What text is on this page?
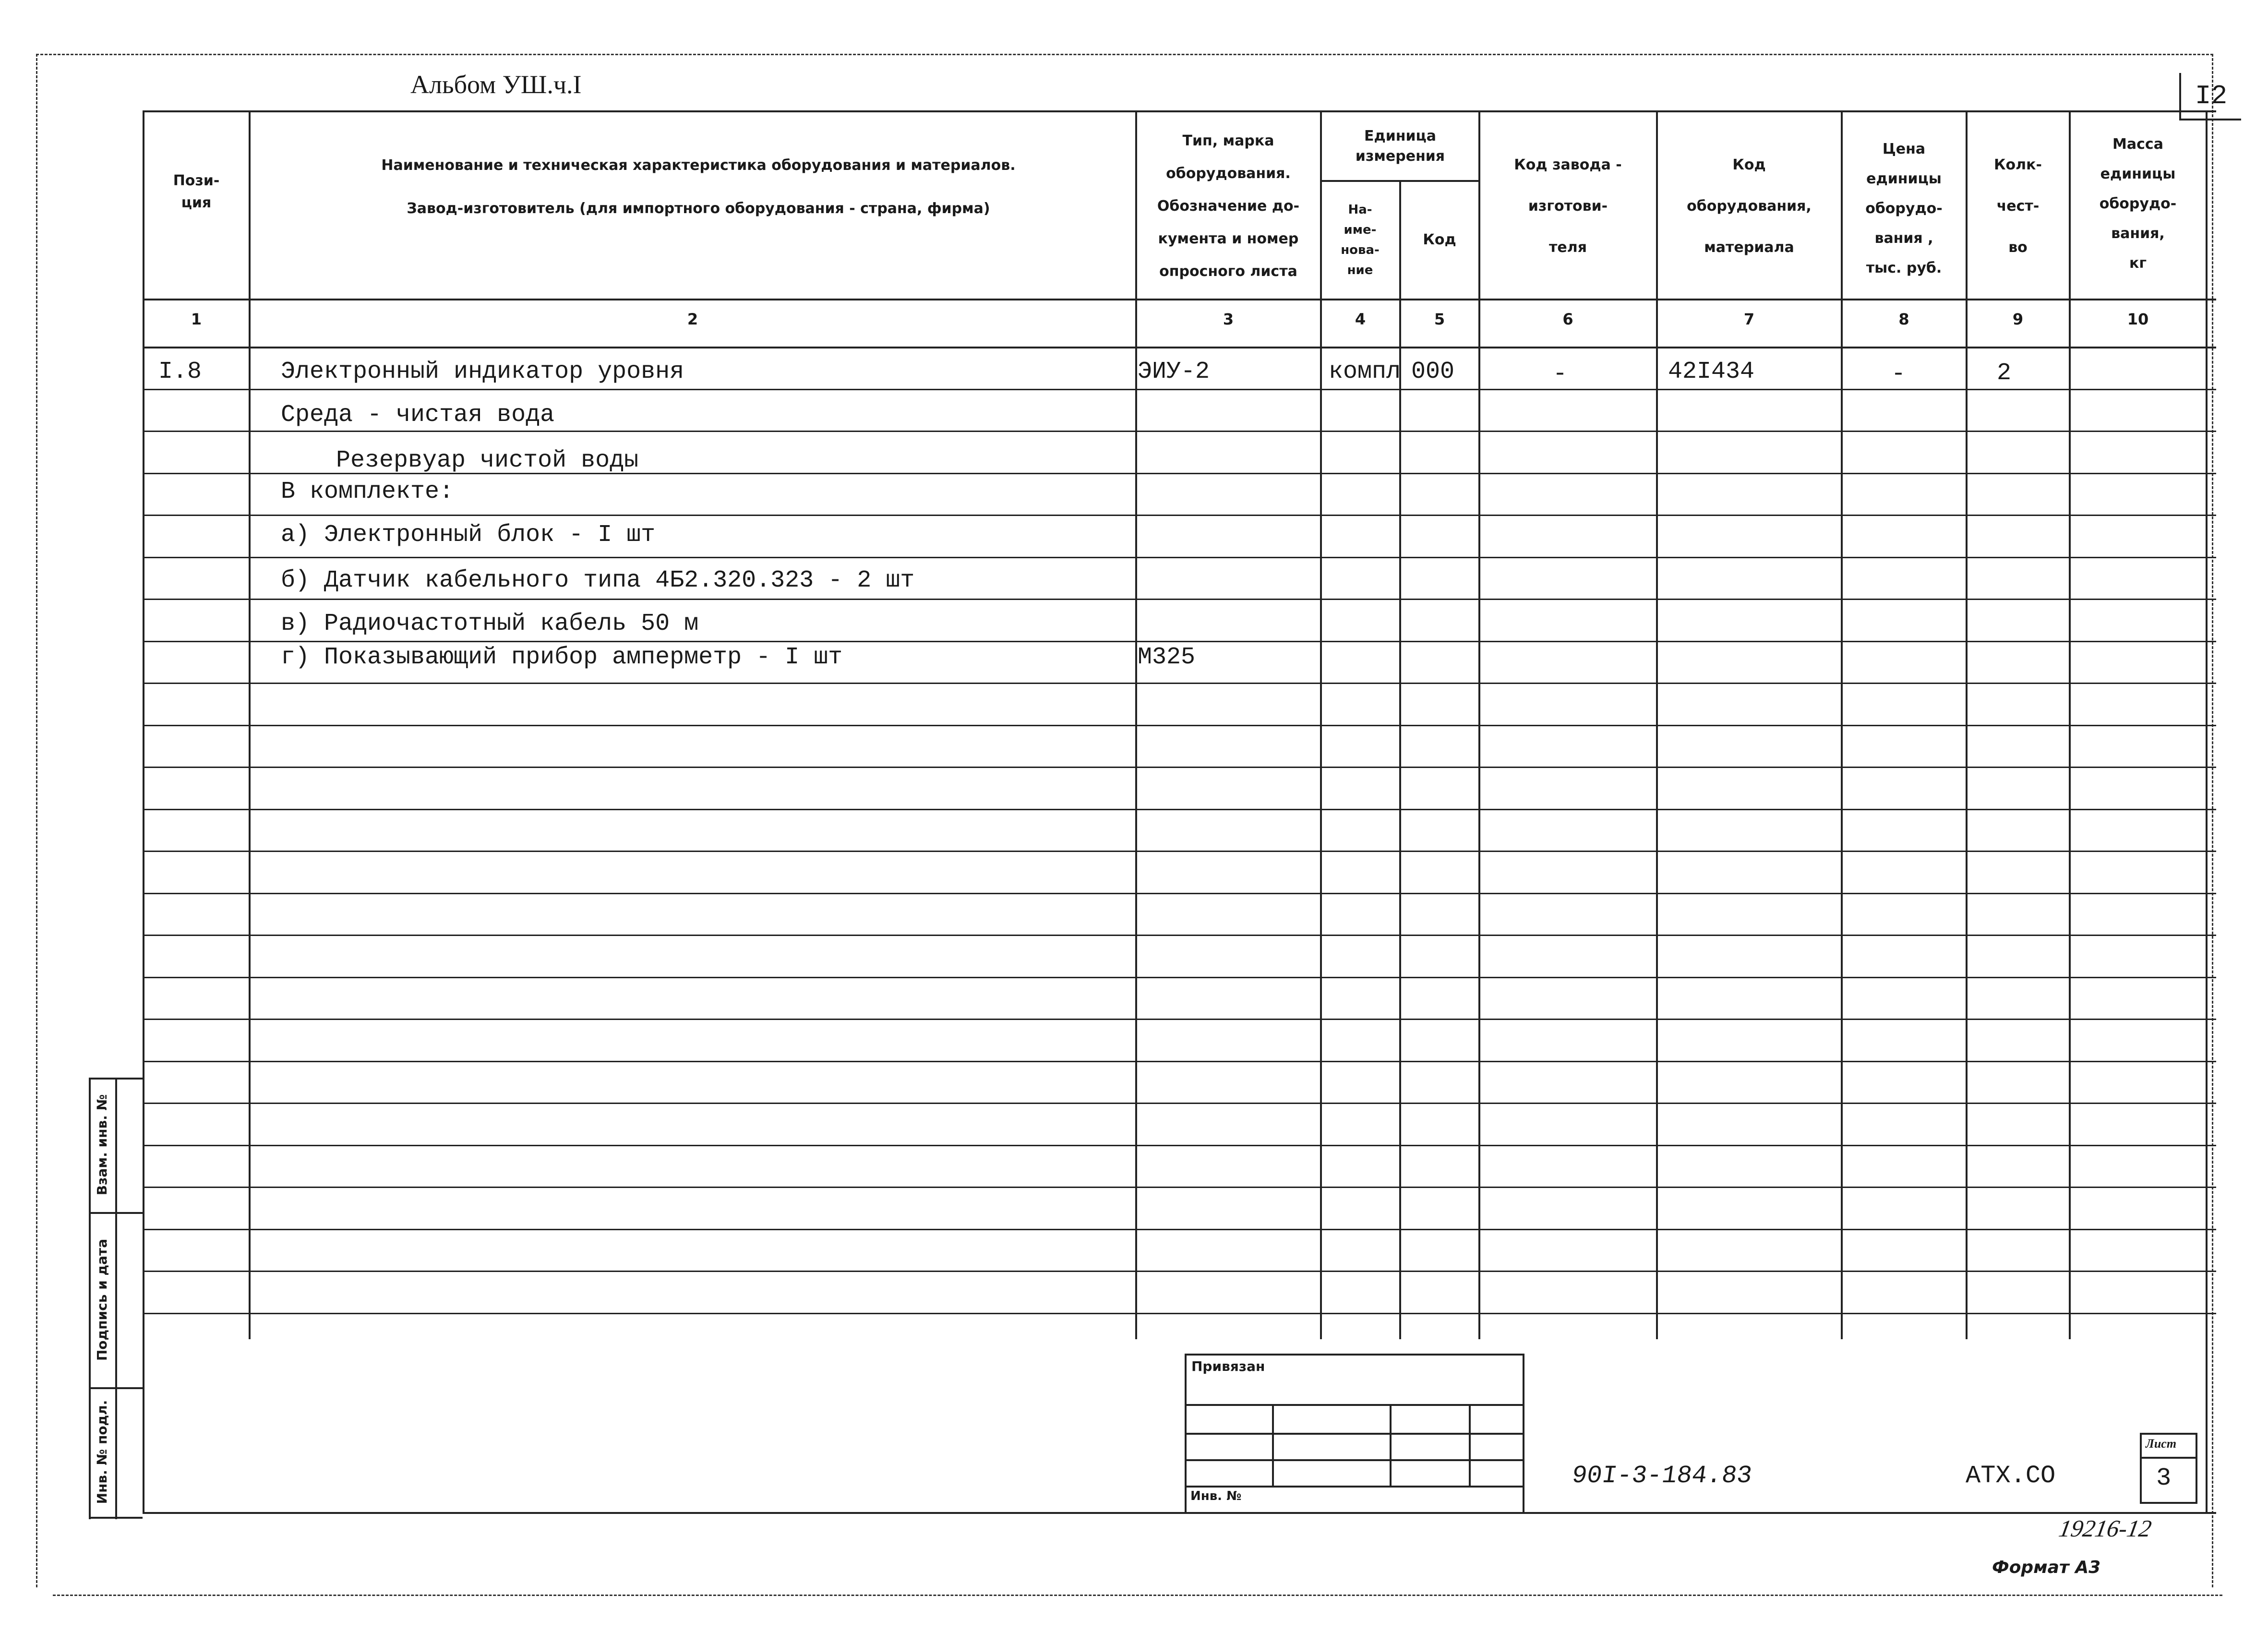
Альбом УШ.ч.I	I2
Пози-
ция
Наименование и техническая характеристика оборудования и материалов.
Завод-изготовитель (для импортного оборудования - страна, фирма)
Тип, марка
оборудования.
Обозначение до-
кумента и номер
опросного листа
Единица
измерения
На-
име-
нова-
ние
Код
Код завода -
изготови-
теля
Код
оборудования,
материала
Цена
единицы
оборудо-
вания ,
тыс. руб.
Колк-
чест-
во
Масса
единицы
оборудо-
вания,
кг
1	2	3	4	5	6	7	8	9	10
I.8	Электронный индикатор уровня	ЭИУ-2	компл 000	-	42I434	-	2
Среда - чистая вода
Резервуар чистой воды
В комплекте:
а) Электронный блок - I шт
б) Датчик кабельного типа 4Б2.320.323 - 2 шт
в) Радиочастотный кабель 50 м
г) Показывающий прибор амперметр - I шт	М325
Инв. № подл.
Подпись и дата
Взам. инв. №
Привязан
Инв. №
90I-3-184.83	АТХ.СО
Лист
3
19216-12
Формат А3
